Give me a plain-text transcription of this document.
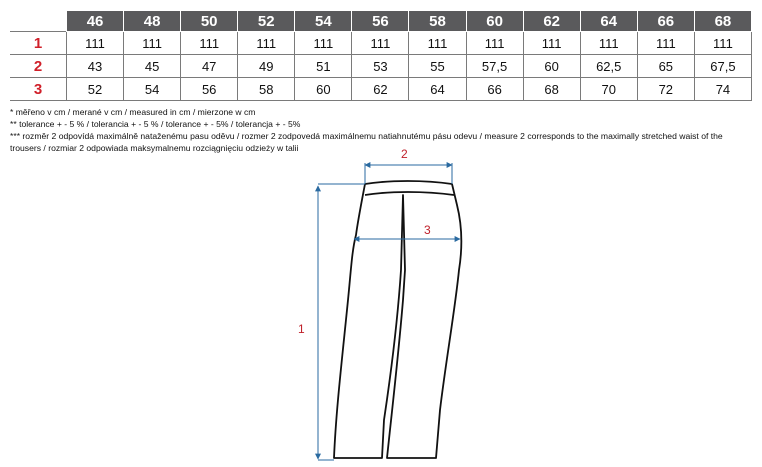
	46	48	50	52	54	56	58	60	62	64	66	68
1	111	111	111	111	111	111	111	111	111	111	111	111
2	43	45	47	49	51	53	55	57,5	60	62,5	65	67,5
3	52	54	56	58	60	62	64	66	68	70	72	74
* měřeno v cm / merané v cm / measured in cm / mierzone w cm
** tolerance + - 5 % / tolerancia + - 5 % / tolerance + - 5% / tolerancja + - 5%
*** rozměr 2 odpovídá maximálně nataženému pasu oděvu / rozmer 2 zodpovedá maximálnemu natiahnutému pásu odevu / measure 2 corresponds to the maximally stretched waist of the trousers / rozmiar 2 odpowiada maksymalnemu rozciągnięciu odzieży w talii
1
2
3
